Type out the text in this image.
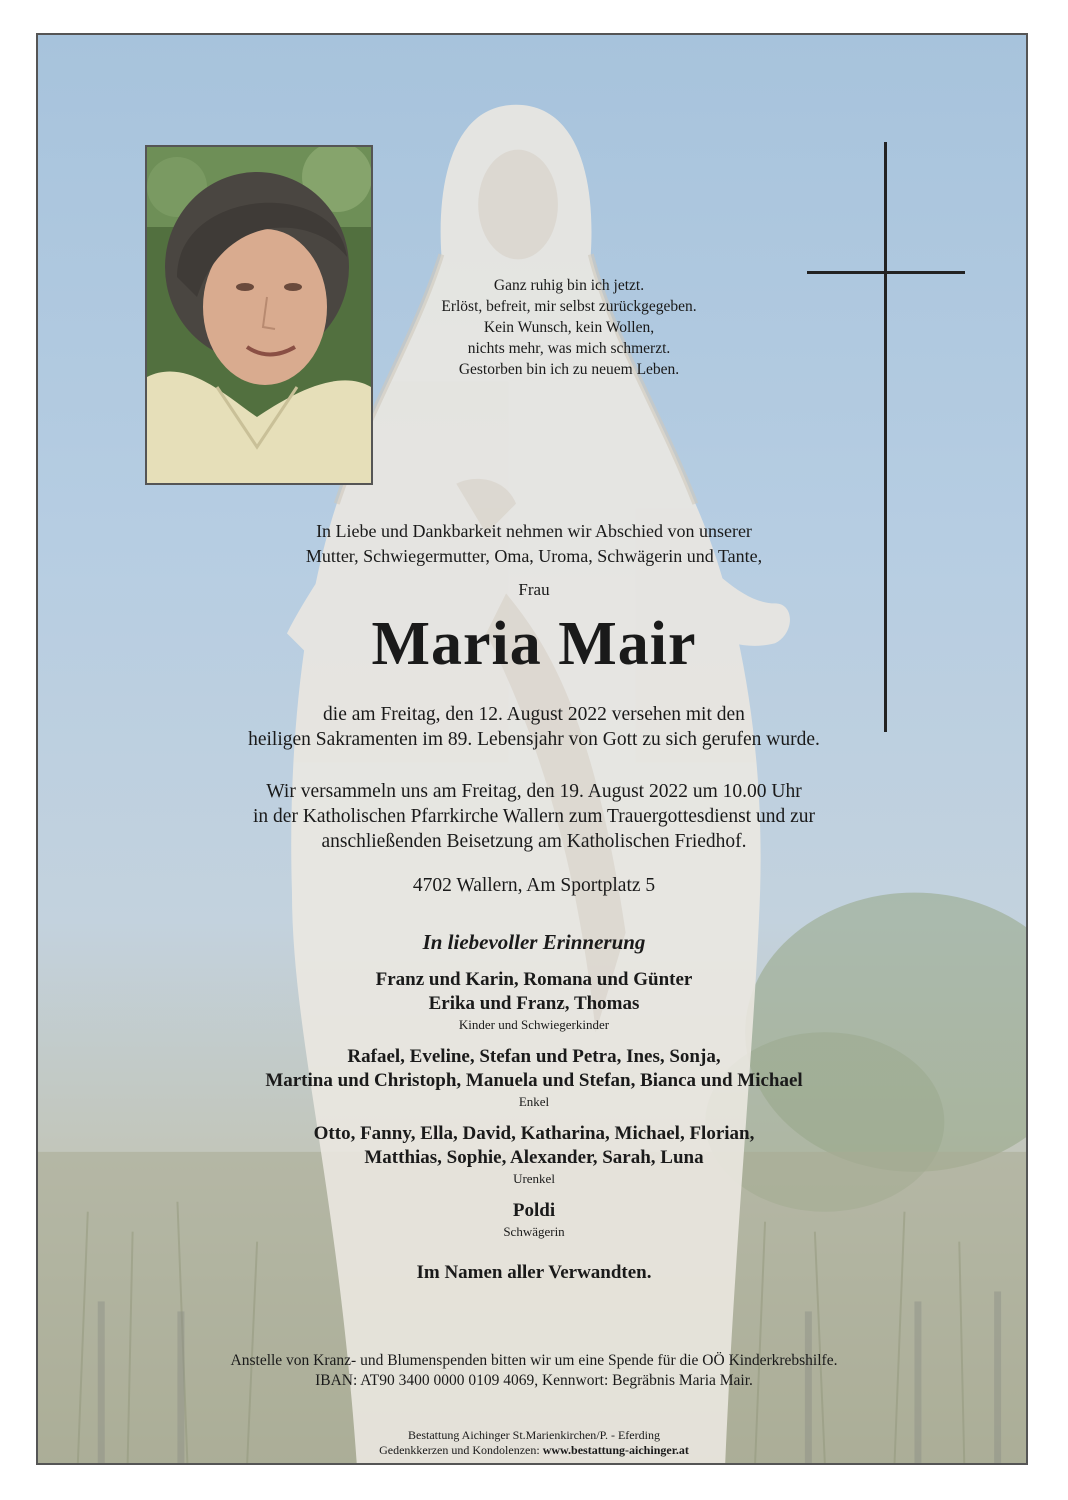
Ganz ruhig bin ich jetzt.
Erlöst, befreit, mir selbst zurückgegeben.
Kein Wunsch, kein Wollen,
nichts mehr, was mich schmerzt.
Gestorben bin ich zu neuem Leben.
In Liebe und Dankbarkeit nehmen wir Abschied von unserer
Mutter, Schwiegermutter, Oma, Uroma, Schwägerin und Tante,
Frau
Maria Mair
die am Freitag, den 12. August 2022 versehen mit den
heiligen Sakramenten im 89. Lebensjahr von Gott zu sich gerufen wurde.
Wir versammeln uns am Freitag, den 19. August 2022 um 10.00 Uhr
in der Katholischen Pfarrkirche Wallern zum Trauergottesdienst und zur
anschließenden Beisetzung am Katholischen Friedhof.
4702 Wallern, Am Sportplatz 5
In liebevoller Erinnerung
Franz und Karin, Romana und Günter
Erika und Franz, Thomas
Kinder und Schwiegerkinder
Rafael, Eveline, Stefan und Petra, Ines, Sonja,
Martina und Christoph, Manuela und Stefan, Bianca und Michael
Enkel
Otto, Fanny, Ella, David, Katharina, Michael, Florian,
Matthias, Sophie, Alexander, Sarah, Luna
Urenkel
Poldi
Schwägerin
Im Namen aller Verwandten.
Anstelle von Kranz- und Blumenspenden bitten wir um eine Spende für die OÖ Kinderkrebshilfe.
IBAN: AT90 3400 0000 0109 4069, Kennwort: Begräbnis Maria Mair.
Bestattung Aichinger St.Marienkirchen/P. - Eferding
Gedenkkerzen und Kondolenzen: www.bestattung-aichinger.at
